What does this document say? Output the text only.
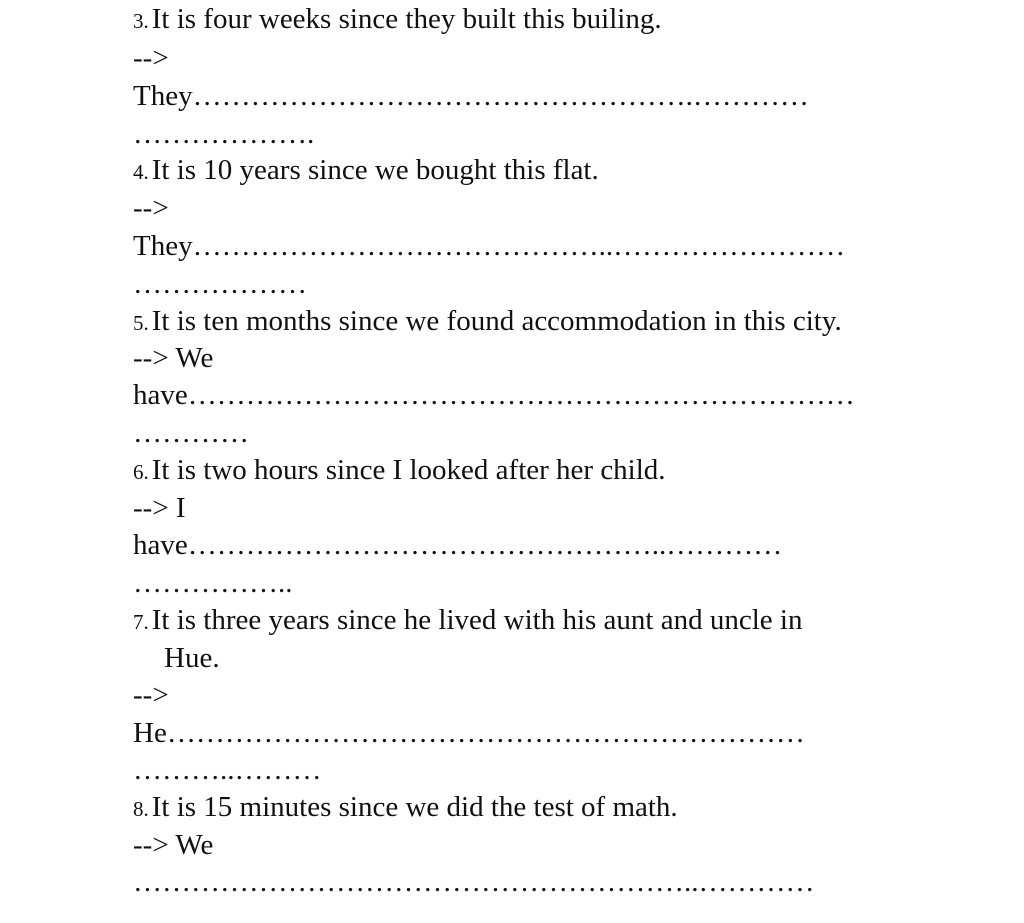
3. It is four weeks since they built this builing.
-->
They…………………………………………….…………
……………….
4. It is 10 years since we bought this flat.
-->
They……………………………………..……………………
………………
5. It is ten months since we found accommodation in this city.
--> We
have……………………………………………………………
…………
6. It is two hours since I looked after her child.
--> I
have…………………………………………..…………
……………..
7. It is three years since he lived with his aunt and uncle in
Hue.
-->
He…………………………………………………………
………..………
8. It is 15 minutes since we did the test of math.
--> We
…………………………………………………..…………
